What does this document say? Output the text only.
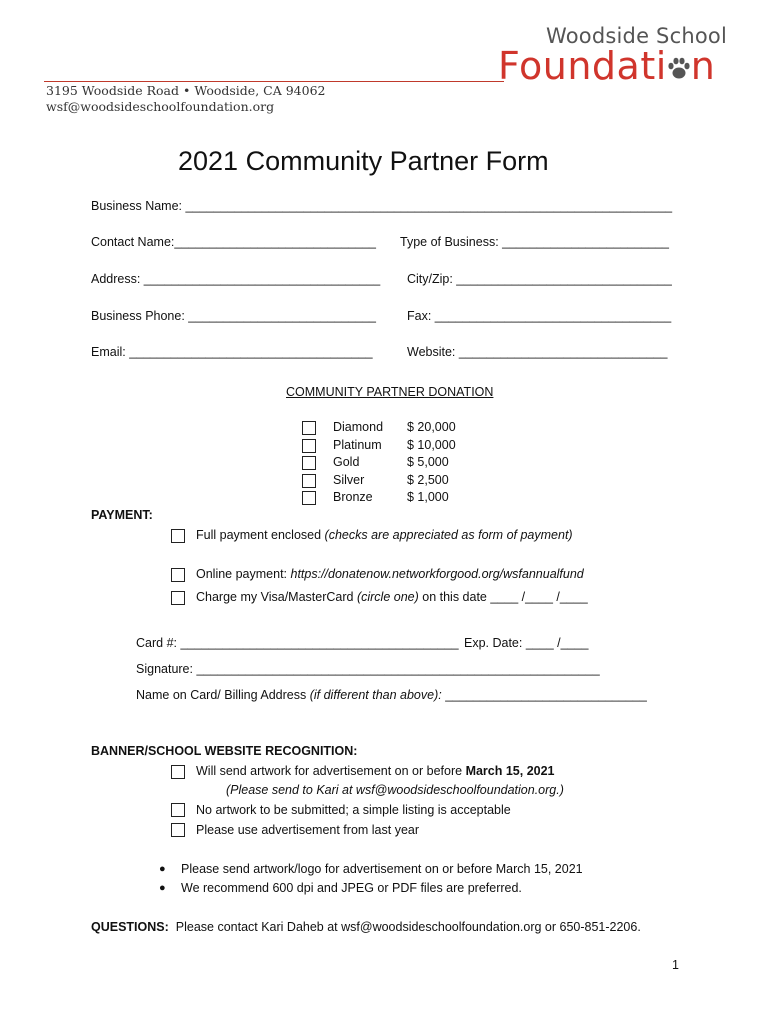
3195 Woodside Road • Woodside, CA 94062
wsf@woodsideschoolfoundation.org
Woodside School
Foundati n
2021 Community Partner Form
Business Name: ______________________________________________________________________
Contact Name:_____________________________ Type of Business: ________________________
Address: __________________________________ City/Zip: _______________________________
Business Phone: ___________________________ Fax: __________________________________
Email: ___________________________________	Website: ______________________________
COMMUNITY PARTNER DONATION
Diamond $ 20,000
Platinum $ 10,000
Gold	$ 5,000
Silver	$ 2,500
Bronze	$ 1,000
PAYMENT:
Full payment enclosed (checks are appreciated as form of payment)
Online payment: https://donatenow.networkforgood.org/wsfannualfund
Charge my Visa/MasterCard (circle one) on this date ____ /____ /____
Card #: ________________________________________ Exp. Date: ____ /____
Signature: __________________________________________________________
Name on Card/ Billing Address (if different than above): _____________________________
BANNER/SCHOOL WEBSITE RECOGNITION:
Will send artwork for advertisement on or before March 15, 2021
(Please send to Kari at wsf@woodsideschoolfoundation.org.)
No artwork to be submitted; a simple listing is acceptable
Please use advertisement from last year
● Please send artwork/logo for advertisement on or before March 15, 2021
● We recommend 600 dpi and JPEG or PDF files are preferred.
QUESTIONS: Please contact Kari Daheb at wsf@woodsideschoolfoundation.org or 650-851-2206.
1
